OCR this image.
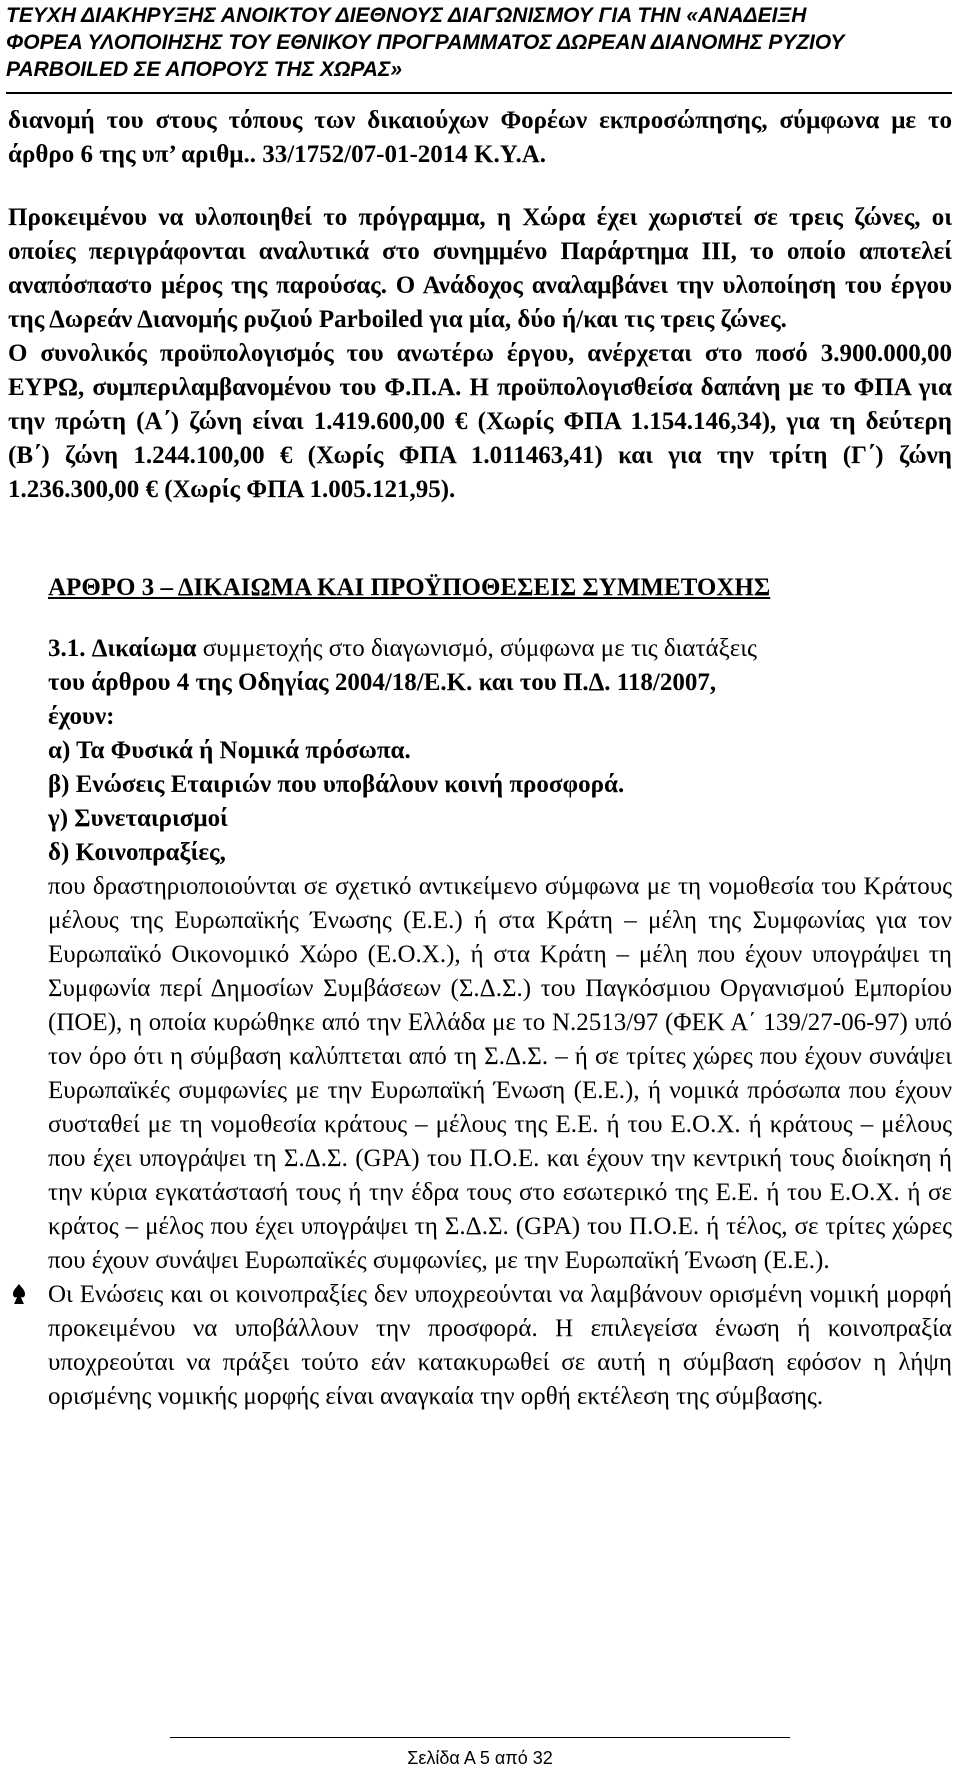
ΤΕΥΧΗ ΔΙΑΚΗΡΥΞΗΣ ΑΝΟΙΚΤΟΥ ΔΙΕΘΝΟΥΣ ΔΙΑΓΩΝΙΣΜΟΥ ΓΙΑ ΤΗΝ «ΑΝΑΔΕΙΞΗ
ΦΟΡΕΑ ΥΛΟΠΟΙΗΣΗΣ ΤΟΥ ΕΘΝΙΚΟΥ ΠΡΟΓΡΑΜΜΑΤΟΣ ΔΩΡΕΑΝ ΔΙΑΝΟΜΗΣ ΡΥΖΙΟΥ
PARBOILED ΣΕ ΑΠΟΡΟΥΣ ΤΗΣ ΧΩΡΑΣ»
διανομή του στους τόπους των δικαιούχων Φορέων εκπροσώπησης, σύμφωνα με το άρθρο 6 της υπ’ αριθμ.. 33/1752/07-01-2014 Κ.Υ.Α.
Προκειμένου να υλοποιηθεί το πρόγραμμα, η Χώρα έχει χωριστεί σε τρεις ζώνες, οι οποίες περιγράφονται αναλυτικά στο συνημμένο Παράρτημα ΙΙΙ, το οποίο αποτελεί αναπόσπαστο μέρος της παρούσας. Ο Ανάδοχος αναλαμβάνει την υλοποίηση του έργου της Δωρεάν Διανομής ρυζιού Parboiled για μία, δύο ή/και τις τρεις ζώνες.
Ο συνολικός προϋπολογισμός του ανωτέρω έργου, ανέρχεται στο ποσό 3.900.000,00 ΕΥΡΩ, συμπεριλαμβανομένου του Φ.Π.Α. Η προϋπολογισθείσα δαπάνη με το ΦΠΑ για την πρώτη (Α΄) ζώνη είναι 1.419.600,00 € (Χωρίς ΦΠΑ 1.154.146,34), για τη δεύτερη (Β΄) ζώνη 1.244.100,00 € (Χωρίς ΦΠΑ 1.011463,41) και για την τρίτη (Γ΄) ζώνη 1.236.300,00 € (Χωρίς ΦΠΑ 1.005.121,95).
ΑΡΘΡΟ 3 – ΔΙΚΑΙΩΜΑ ΚΑΙ ΠΡΟΫΠΟΘΕΣΕΙΣ ΣΥΜΜΕΤΟΧΗΣ
3.1. Δικαίωμα συμμετοχής στο διαγωνισμό, σύμφωνα με τις διατάξεις
του άρθρου 4 της Οδηγίας 2004/18/Ε.Κ. και του Π.Δ. 118/2007,
έχουν:
α) Τα Φυσικά ή Νομικά πρόσωπα.
β) Ενώσεις Εταιριών που υποβάλουν κοινή προσφορά.
γ) Συνεταιρισμοί
δ) Κοινοπραξίες,
που δραστηριοποιούνται σε σχετικό αντικείμενο σύμφωνα με τη νομοθεσία του Κράτους μέλους της Ευρωπαϊκής Ένωσης (Ε.Ε.) ή στα Κράτη – μέλη της Συμφωνίας για τον Ευρωπαϊκό Οικονομικό Χώρο (Ε.Ο.Χ.), ή στα Κράτη – μέλη που έχουν υπογράψει τη Συμφωνία περί Δημοσίων Συμβάσεων (Σ.Δ.Σ.) του Παγκόσμιου Οργανισμού Εμπορίου (ΠΟΕ), η οποία κυρώθηκε από την Ελλάδα με το Ν.2513/97 (ΦΕΚ Α΄ 139/27-06-97) υπό τον όρο ότι η σύμβαση καλύπτεται από τη Σ.Δ.Σ. – ή σε τρίτες χώρες που έχουν συνάψει Ευρωπαϊκές συμφωνίες με την Ευρωπαϊκή Ένωση (Ε.Ε.), ή νομικά πρόσωπα που έχουν συσταθεί με τη νομοθεσία κράτους – μέλους της Ε.Ε. ή του Ε.Ο.Χ. ή κράτους – μέλους που έχει υπογράψει τη Σ.Δ.Σ. (GPA) του Π.Ο.Ε. και έχουν την κεντρική τους διοίκηση ή την κύρια εγκατάστασή τους ή την έδρα τους στο εσωτερικό της Ε.Ε. ή του Ε.Ο.Χ. ή σε κράτος – μέλος που έχει υπογράψει τη Σ.Δ.Σ. (GPA) του Π.Ο.Ε. ή τέλος, σε τρίτες χώρες που έχουν συνάψει Ευρωπαϊκές συμφωνίες, με την Ευρωπαϊκή Ένωση (Ε.Ε.).
Οι Ενώσεις και οι κοινοπραξίες δεν υποχρεούνται να λαμβάνουν ορισμένη νομική μορφή προκειμένου να υποβάλλουν την προσφορά. Η επιλεγείσα ένωση ή κοινοπραξία υποχρεούται να πράξει τούτο εάν κατακυρωθεί σε αυτή η σύμβαση εφόσον η λήψη ορισμένης νομικής μορφής είναι αναγκαία την ορθή εκτέλεση της σύμβασης.
Σελίδα Α 5 από 32
